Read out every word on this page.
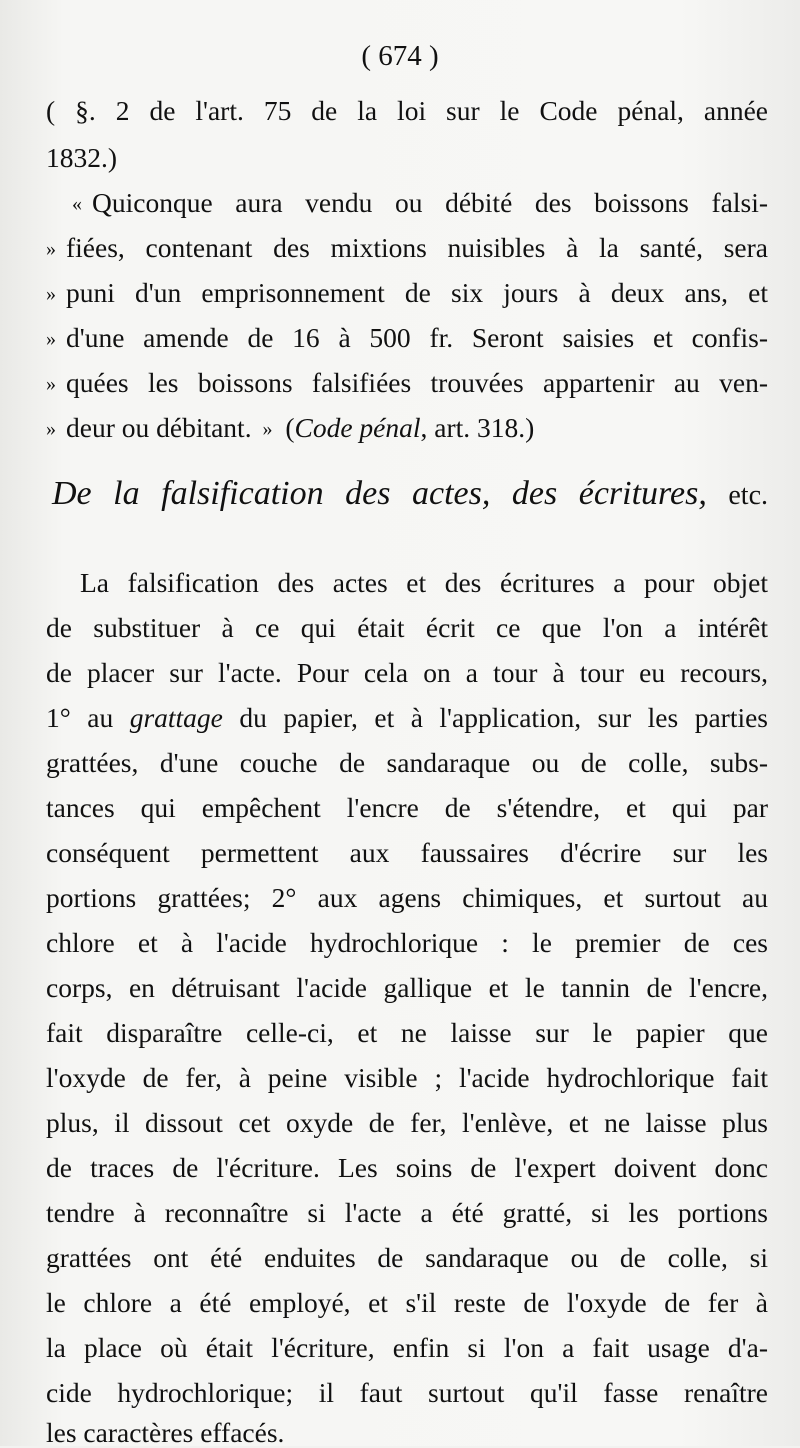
( 674 )
( §. 2 de l'art. 75 de la loi sur le Code pénal, année
1832.)
« Quiconque aura vendu ou débité des boissons falsi-
» fiées, contenant des mixtions nuisibles à la santé, sera
» puni d'un emprisonnement de six jours à deux ans, et
» d'une amende de 16 à 500 fr. Seront saisies et confis-
» quées les boissons falsifiées trouvées appartenir au ven-
» deur ou débitant. » (Code pénal, art. 318.)
De la falsification des actes, des écritures, etc.
La falsification des actes et des écritures a pour objet
de substituer à ce qui était écrit ce que l'on a intérêt
de placer sur l'acte. Pour cela on a tour à tour eu recours,
1° au grattage du papier, et à l'application, sur les parties
grattées, d'une couche de sandaraque ou de colle, subs-
tances qui empêchent l'encre de s'étendre, et qui par
conséquent permettent aux faussaires d'écrire sur les
portions grattées; 2° aux agens chimiques, et surtout au
chlore et à l'acide hydrochlorique : le premier de ces
corps, en détruisant l'acide gallique et le tannin de l'encre,
fait disparaître celle-ci, et ne laisse sur le papier que
l'oxyde de fer, à peine visible ; l'acide hydrochlorique fait
plus, il dissout cet oxyde de fer, l'enlève, et ne laisse plus
de traces de l'écriture. Les soins de l'expert doivent donc
tendre à reconnaître si l'acte a été gratté, si les portions
grattées ont été enduites de sandaraque ou de colle, si
le chlore a été employé, et s'il reste de l'oxyde de fer à
la place où était l'écriture, enfin si l'on a fait usage d'a-
cide hydrochlorique; il faut surtout qu'il fasse renaître
les caractères effacés.
